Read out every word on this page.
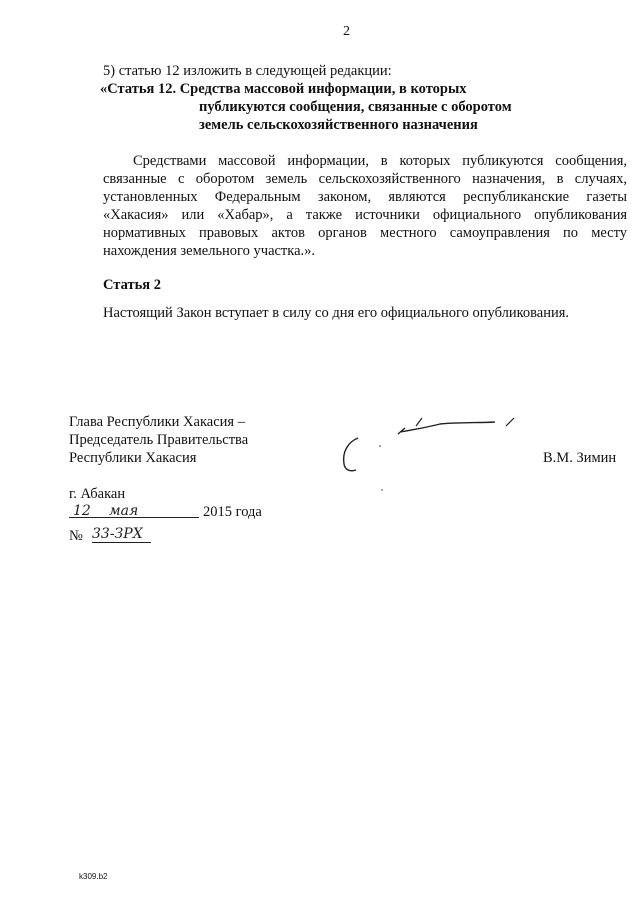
2
5) статью 12 изложить в следующей редакции:
«Статья 12. Средства массовой информации, в которых
публикуются сообщения, связанные с оборотом
земель сельскохозяйственного назначения
Средствами массовой информации, в которых публикуются сообщения,
связанные с оборотом земель сельскохозяйственного назначения, в случаях,
установленных Федеральным законом, являются республиканские газеты
«Хакасия» или «Хабар», а также источники официального опубликования
нормативных правовых актов органов местного самоуправления по месту
нахождения земельного участка.».
Статья 2
Настоящий Закон вступает в силу со дня его официального опубликования.
Глава Республики Хакасия –
Председатель Правительства
Республики Хакасия	В.М. Зимин
г. Абакан
12 мая	2015 года
№ 33-ЗРХ
k309.b2
